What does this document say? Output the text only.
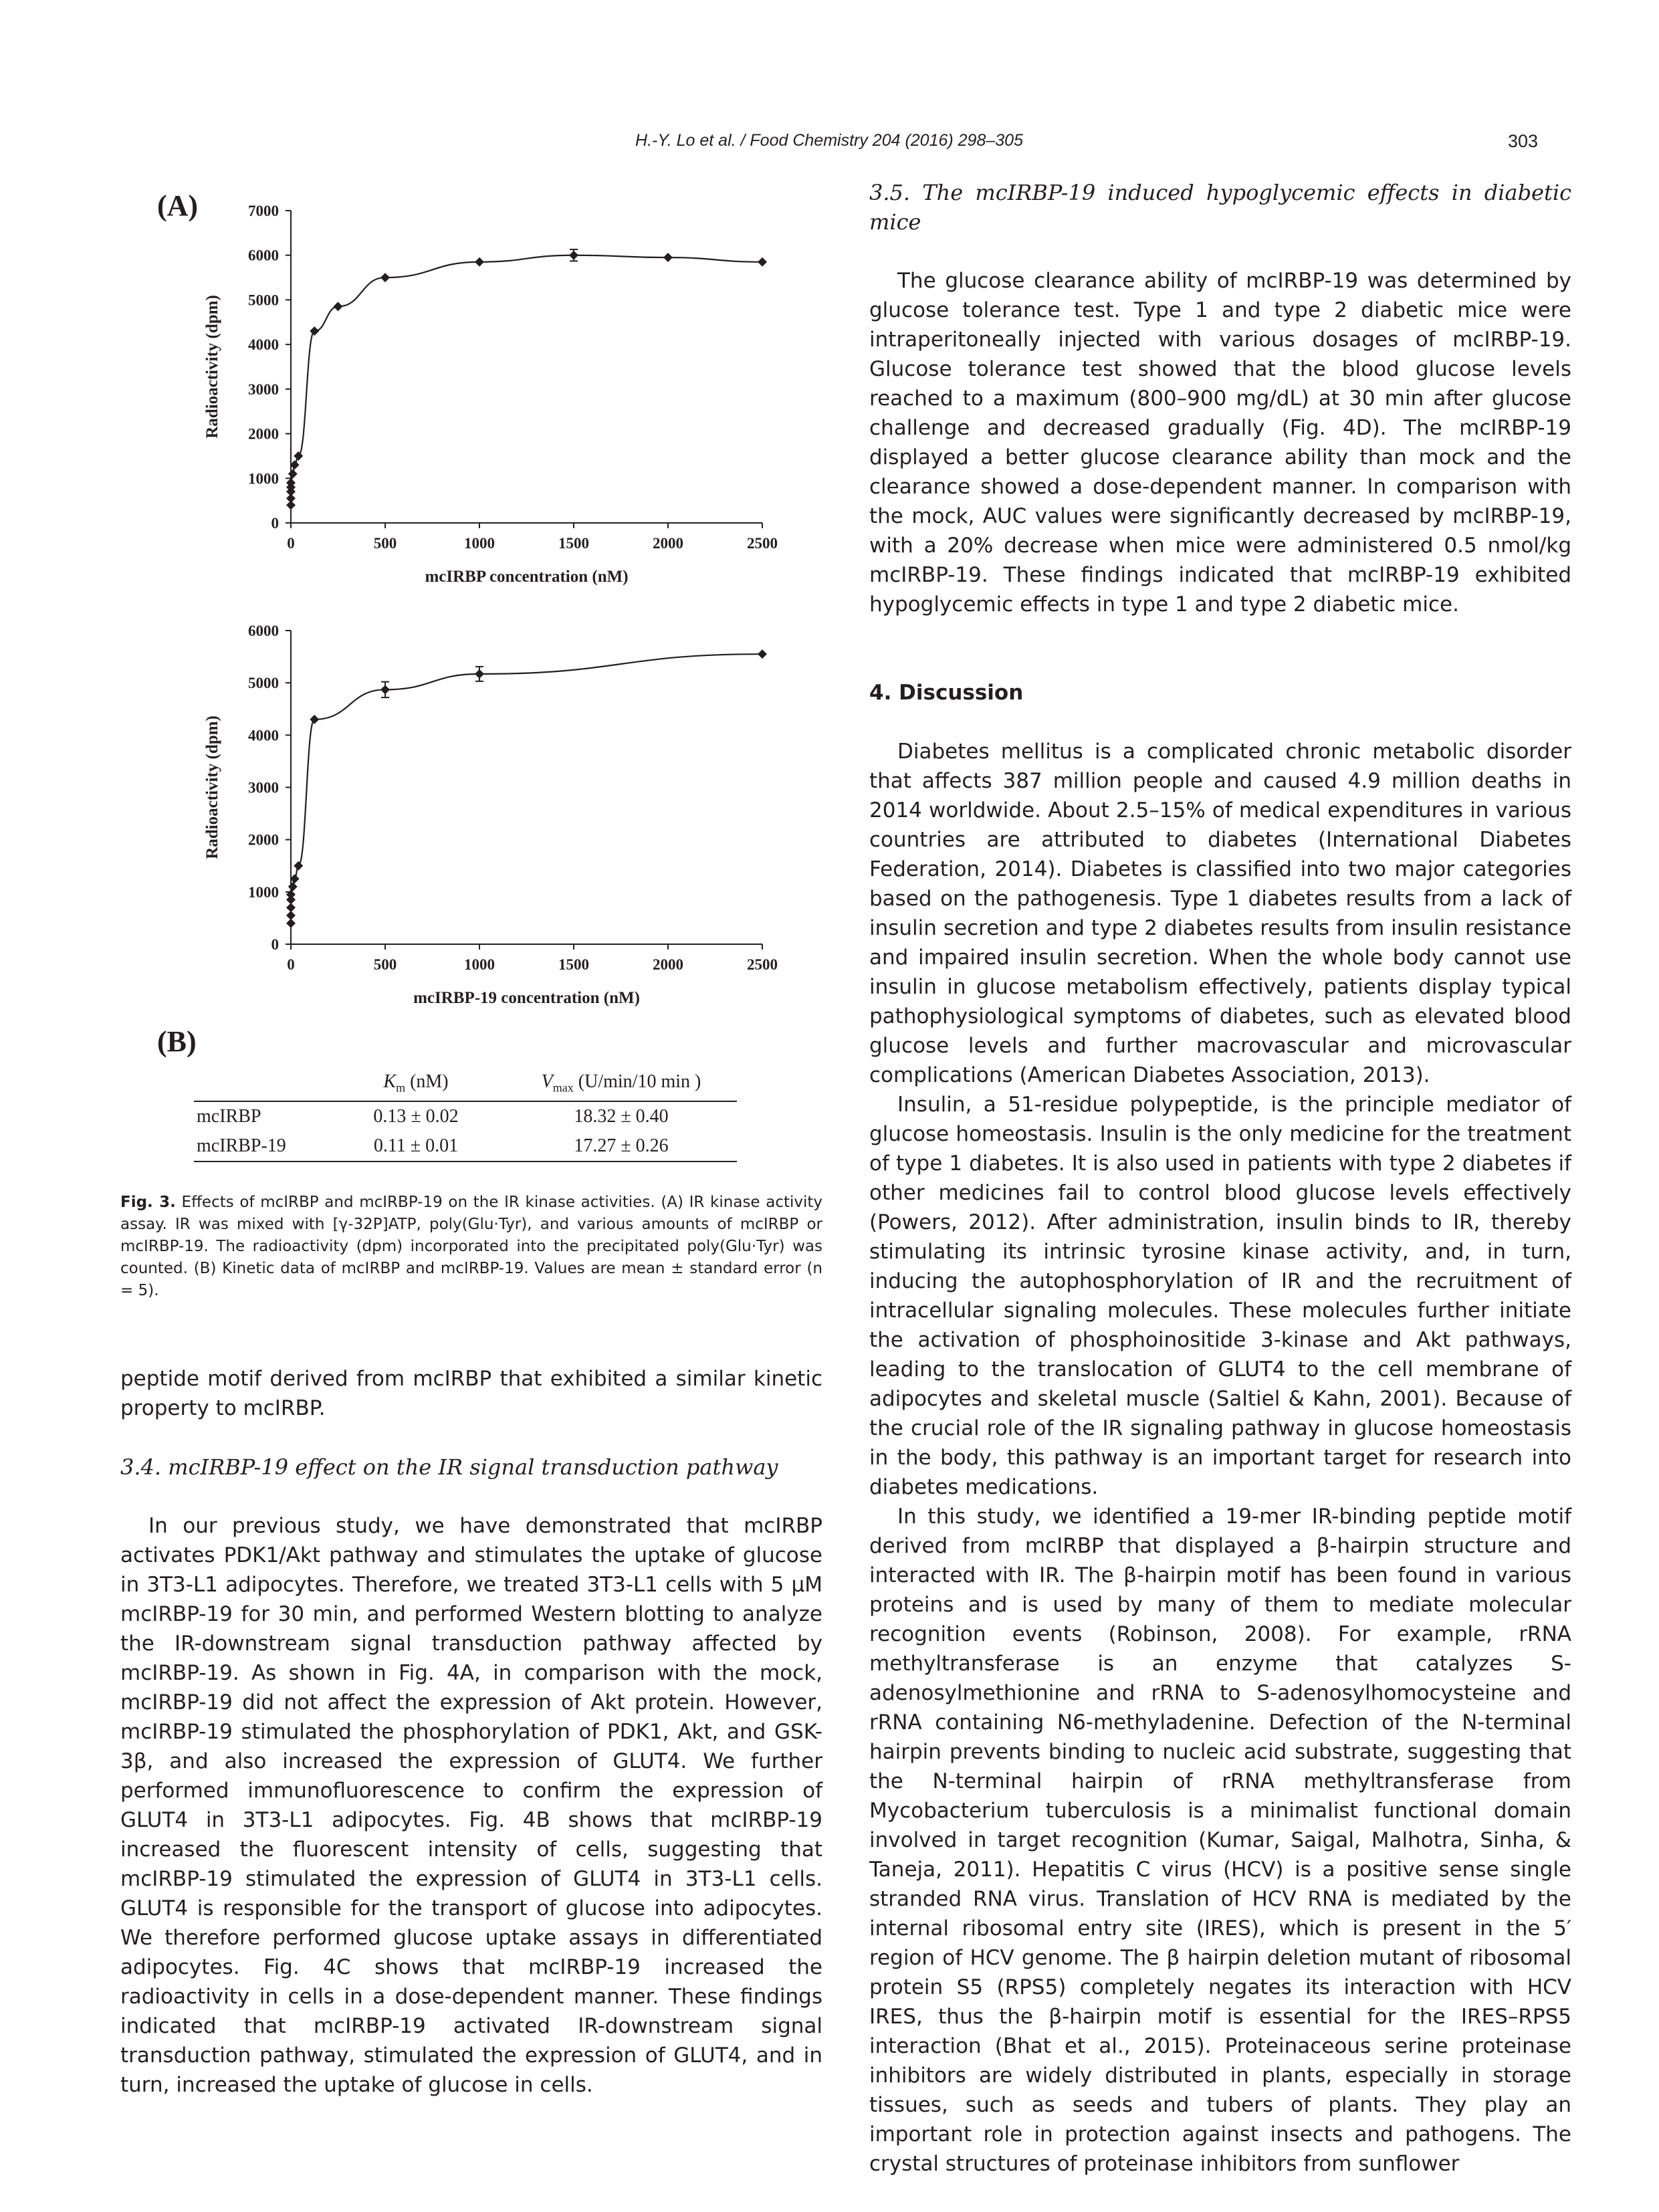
H.-Y. Lo et al. / Food Chemistry 204 (2016) 298–305	303
(A)
(B)
0
1000
2000
3000
4000
5000
6000
7000
0	500	1000	1500	2000	2500
mcIRBP concentration (nM)
Radioactivity (dpm)
0
1000
2000
3000
4000
5000
6000
0	500	1000	1500	2000	2500
mcIRBP-19 concentration (nM)
Radioactivity (dpm)
	$K_m$ (nM)	$V_{max}$ (U/min/10 min )
mcIRBP	0.13 ± 0.02	18.32 ± 0.40
mcIRBP-19	0.11 ± 0.01	17.27 ± 0.26
Fig. 3. Effects of mcIRBP and mcIRBP-19 on the IR kinase activities. (A) IR kinase activity assay. IR was mixed with [γ-32P]ATP, poly(Glu·Tyr), and various amounts of mcIRBP or mcIRBP-19. The radioactivity (dpm) incorporated into the precipitated poly(Glu·Tyr) was counted. (B) Kinetic data of mcIRBP and mcIRBP-19. Values are mean ± standard error (n = 5).

peptide motif derived from mcIRBP that exhibited a similar kinetic property to mcIRBP.

3.4. mcIRBP-19 effect on the IR signal transduction pathway

In our previous study, we have demonstrated that mcIRBP activates PDK1/Akt pathway and stimulates the uptake of glucose in 3T3-L1 adipocytes. Therefore, we treated 3T3-L1 cells with 5 μM mcIRBP-19 for 30 min, and performed Western blotting to analyze the IR-downstream signal transduction pathway affected by mcIRBP-19. As shown in Fig. 4A, in comparison with the mock, mcIRBP-19 did not affect the expression of Akt protein. However, mcIRBP-19 stimulated the phosphorylation of PDK1, Akt, and GSK-3β, and also increased the expression of GLUT4. We further performed immunofluorescence to confirm the expression of GLUT4 in 3T3-L1 adipocytes. Fig. 4B shows that mcIRBP-19 increased the fluorescent intensity of cells, suggesting that mcIRBP-19 stimulated the expression of GLUT4 in 3T3-L1 cells. GLUT4 is responsible for the transport of glucose into adipocytes. We therefore performed glucose uptake assays in differentiated adipocytes. Fig. 4C shows that mcIRBP-19 increased the radioactivity in cells in a dose-dependent manner. These findings indicated that mcIRBP-19 activated IR-downstream signal transduction pathway, stimulated the expression of GLUT4, and in turn, increased the uptake of glucose in cells.

3.5. The mcIRBP-19 induced hypoglycemic effects in diabetic mice

The glucose clearance ability of mcIRBP-19 was determined by glucose tolerance test. Type 1 and type 2 diabetic mice were intraperitoneally injected with various dosages of mcIRBP-19. Glucose tolerance test showed that the blood glucose levels reached to a maximum (800–900 mg/dL) at 30 min after glucose challenge and decreased gradually (Fig. 4D). The mcIRBP-19 displayed a better glucose clearance ability than mock and the clearance showed a dose-dependent manner. In comparison with the mock, AUC values were significantly decreased by mcIRBP-19, with a 20% decrease when mice were administered 0.5 nmol/kg mcIRBP-19. These findings indicated that mcIRBP-19 exhibited hypoglycemic effects in type 1 and type 2 diabetic mice.

4. Discussion

Diabetes mellitus is a complicated chronic metabolic disorder that affects 387 million people and caused 4.9 million deaths in 2014 worldwide. About 2.5–15% of medical expenditures in various countries are attributed to diabetes (International Diabetes Federation, 2014). Diabetes is classified into two major categories based on the pathogenesis. Type 1 diabetes results from a lack of insulin secretion and type 2 diabetes results from insulin resistance and impaired insulin secretion. When the whole body cannot use insulin in glucose metabolism effectively, patients display typical pathophysiological symptoms of diabetes, such as elevated blood glucose levels and further macrovascular and microvascular complications (American Diabetes Association, 2013).

Insulin, a 51-residue polypeptide, is the principle mediator of glucose homeostasis. Insulin is the only medicine for the treatment of type 1 diabetes. It is also used in patients with type 2 diabetes if other medicines fail to control blood glucose levels effectively (Powers, 2012). After administration, insulin binds to IR, thereby stimulating its intrinsic tyrosine kinase activity, and, in turn, inducing the autophosphorylation of IR and the recruitment of intracellular signaling molecules. These molecules further initiate the activation of phosphoinositide 3-kinase and Akt pathways, leading to the translocation of GLUT4 to the cell membrane of adipocytes and skeletal muscle (Saltiel & Kahn, 2001). Because of the crucial role of the IR signaling pathway in glucose homeostasis in the body, this pathway is an important target for research into diabetes medications.

In this study, we identified a 19-mer IR-binding peptide motif derived from mcIRBP that displayed a β-hairpin structure and interacted with IR. The β-hairpin motif has been found in various proteins and is used by many of them to mediate molecular recognition events (Robinson, 2008). For example, rRNA methyltransferase is an enzyme that catalyzes S-adenosylmethionine and rRNA to S-adenosylhomocysteine and rRNA containing N6-methyladenine. Defection of the N-terminal hairpin prevents binding to nucleic acid substrate, suggesting that the N-terminal hairpin of rRNA methyltransferase from Mycobacterium tuberculosis is a minimalist functional domain involved in target recognition (Kumar, Saigal, Malhotra, Sinha, & Taneja, 2011). Hepatitis C virus (HCV) is a positive sense single stranded RNA virus. Translation of HCV RNA is mediated by the internal ribosomal entry site (IRES), which is present in the 5′ region of HCV genome. The β hairpin deletion mutant of ribosomal protein S5 (RPS5) completely negates its interaction with HCV IRES, thus the β-hairpin motif is essential for the IRES–RPS5 interaction (Bhat et al., 2015). Proteinaceous serine proteinase inhibitors are widely distributed in plants, especially in storage tissues, such as seeds and tubers of plants. They play an important role in protection against insects and pathogens. The crystal structures of proteinase inhibitors from sunflower
